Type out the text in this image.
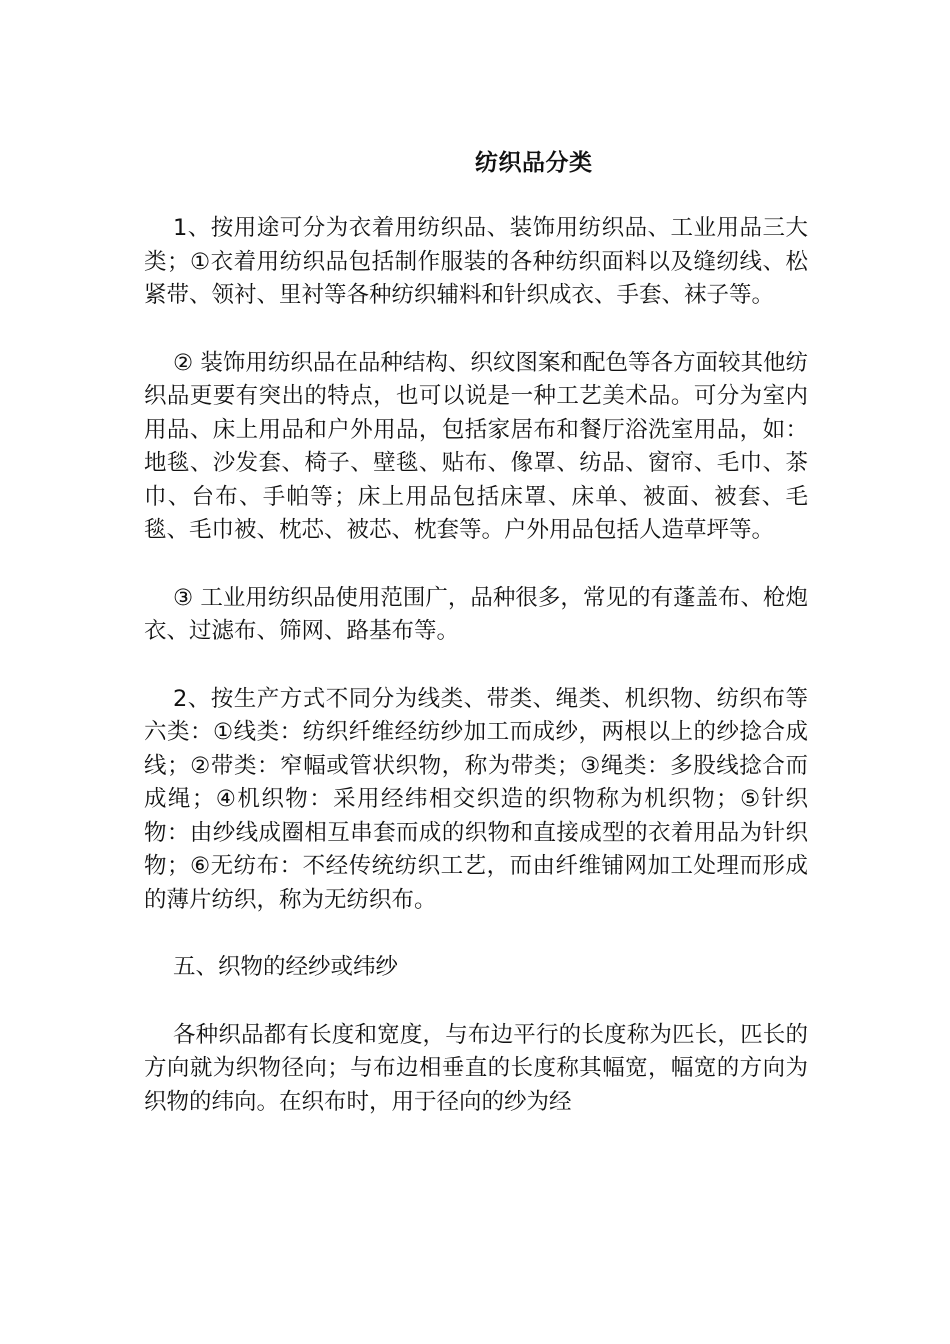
纺织品分类

1、按用途可分为衣着用纺织品、装饰用纺织品、工业用品三大类；①衣着用纺织品包括制作服装的各种纺织面料以及缝纫线、松紧带、领衬、里衬等各种纺织辅料和针织成衣、手套、袜子等。

② 装饰用纺织品在品种结构、织纹图案和配色等各方面较其他纺织品更要有突出的特点，也可以说是一种工艺美术品。可分为室内用品、床上用品和户外用品，包括家居布和餐厅浴洗室用品，如：地毯、沙发套、椅子、壁毯、贴布、像罩、纺品、窗帘、毛巾、茶巾、台布、手帕等；床上用品包括床罩、床单、被面、被套、毛毯、毛巾被、枕芯、被芯、枕套等。户外用品包括人造草坪等。

③ 工业用纺织品使用范围广，品种很多，常见的有蓬盖布、枪炮衣、过滤布、筛网、路基布等。

2、按生产方式不同分为线类、带类、绳类、机织物、纺织布等六类：①线类：纺织纤维经纺纱加工而成纱，两根以上的纱捻合成线；②带类：窄幅或管状织物，称为带类；③绳类：多股线捻合而成绳；④机织物：采用经纬相交织造的织物称为机织物；⑤针织物：由纱线成圈相互串套而成的织物和直接成型的衣着用品为针织物；⑥无纺布：不经传统纺织工艺，而由纤维铺网加工处理而形成的薄片纺织，称为无纺织布。

五、织物的经纱或纬纱

各种织品都有长度和宽度，与布边平行的长度称为匹长，匹长的方向就为织物径向；与布边相垂直的长度称其幅宽，幅宽的方向为织物的纬向。在织布时，用于径向的纱为经
